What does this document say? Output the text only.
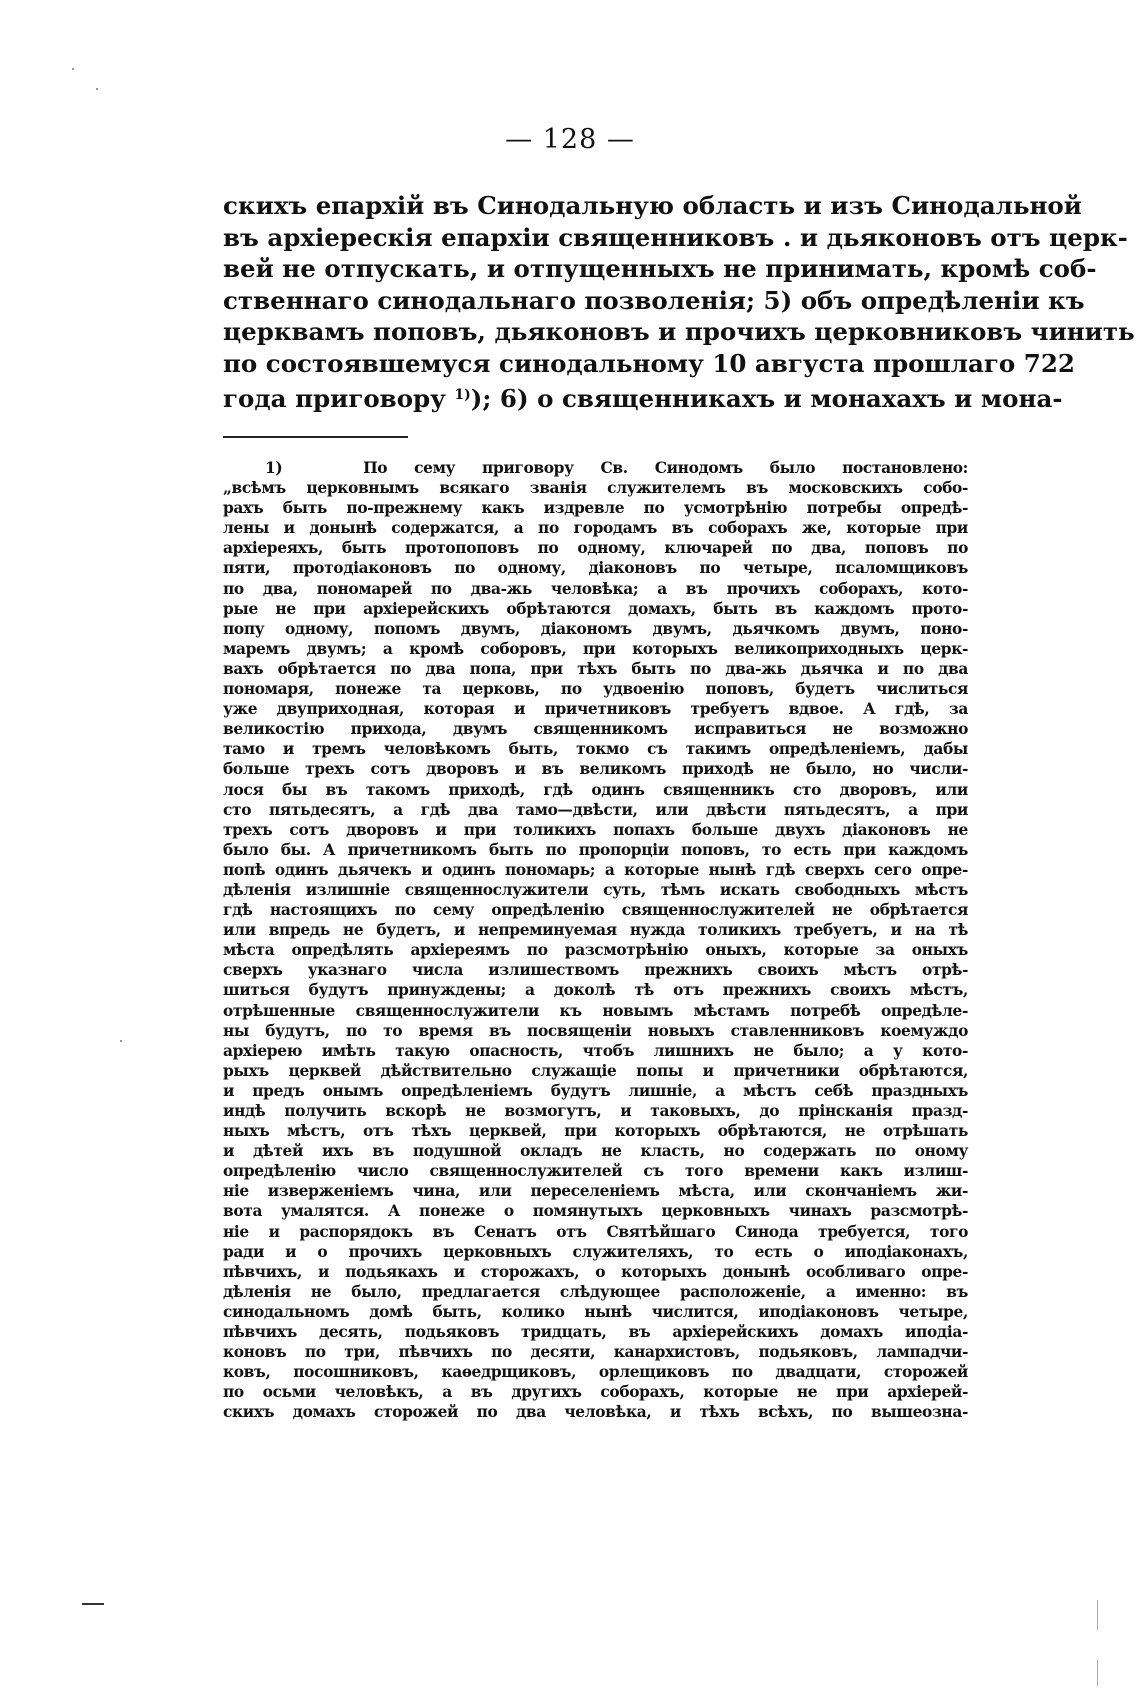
— 128 —
скихъ епархій въ Синодальную область и изъ Синодальной
въ архіерескія епархіи священниковъ . и дьяконовъ отъ церк-
вей не отпускать, и отпущенныхъ не принимать, кромѣ соб-
ственнаго синодальнаго позволенія; 5) объ опредѣленіи къ
церквамъ поповъ, дьяконовъ и прочихъ церковниковъ чинить
по состоявшемуся синодальному 10 августа прошлаго 722
года приговору $^{1)}$); 6) о священникахъ и монахахъ и мона-
1)	По сему приговору Св. Синодомъ было постановлено:
„всѣмъ церковнымъ всякаго званія служителемъ въ московскихъ собо-
рахъ быть по-прежнему какъ издревле по усмотрѣнію потребы опредѣ-
лены и донынѣ содержатся, а по городамъ въ соборахъ же, которые при
архіереяхъ, быть протопоповъ по одному, ключарей по два, поповъ по
пяти, протодіаконовъ по одному, діаконовъ по четыре, псаломщиковъ
по два, пономарей по два-жь человѣка; а въ прочихъ соборахъ, кото-
рые не при архіерейскихъ обрѣтаются домахъ, быть въ каждомъ прото-
попу одному, попомъ двумъ, діакономъ двумъ, дьячкомъ двумъ, поно-
маремъ двумъ; а кромѣ соборовъ, при которыхъ великоприходныхъ церк-
вахъ обрѣтается по два попа, при тѣхъ быть по два-жь дьячка и по два
пономаря, понеже та церковь, по удвоенію поповъ, будетъ числиться
уже двуприходная, которая и причетниковъ требуетъ вдвое. А гдѣ, за
великостію прихода, двумъ священникомъ исправиться не возможно
тамо и тремъ человѣкомъ быть, токмо съ такимъ опредѣленіемъ, дабы
больше трехъ сотъ дворовъ и въ великомъ приходѣ не было, но числи-
лося бы въ такомъ приходѣ, гдѣ одинъ священникъ сто дворовъ, или
сто пятьдесятъ, а гдѣ два тамо—двѣсти, или двѣсти пятьдесятъ, а при
трехъ сотъ дворовъ и при толикихъ попахъ больше двухъ діаконовъ не
было бы. А причетникомъ быть по пропорціи поповъ, то есть при каждомъ
попѣ одинъ дьячекъ и одинъ пономарь; а которые нынѣ гдѣ сверхъ сего опре-
дѣленія излишніе священнослужители суть, тѣмъ искать свободныхъ мѣстъ
гдѣ настоящихъ по сему опредѣленію священнослужителей не обрѣтается
или впредь не будетъ, и непреминуемая нужда толикихъ требуетъ, и на тѣ
мѣста опредѣлять архіереямъ по разсмотрѣнію оныхъ, которые за оныхъ
сверхъ указнаго числа излишествомъ прежнихъ своихъ мѣстъ отрѣ-
шиться будутъ принуждены; а доколѣ тѣ отъ прежнихъ своихъ мѣстъ,
отрѣшенные священнослужители къ новымъ мѣстамъ потребѣ опредѣле-
ны будутъ, по то время въ посвященіи новыхъ ставленниковъ коемуждо
архіерею имѣть такую опасность, чтобъ лишнихъ не было; а у кото-
рыхъ церквей дѣйствительно служащіе попы и причетники обрѣтаются,
и предъ онымъ опредѣленіемъ будутъ лишніе, а мѣстъ себѣ праздныхъ
индѣ получить вскорѣ не возмогутъ, и таковыхъ, до прінсканія празд-
ныхъ мѣстъ, отъ тѣхъ церквей, при которыхъ обрѣтаются, не отрѣшать
и дѣтей ихъ въ подушной окладъ не класть, но содержать по оному
опредѣленію число священнослужителей съ того времени какъ излиш-
ніе изверженіемъ чина, или переселеніемъ мѣста, или скончаніемъ жи-
вота умалятся. А понеже о помянутыхъ церковныхъ чинахъ разсмотрѣ-
ніе и распорядокъ въ Сенатъ отъ Святѣйшаго Синода требуется, того
ради и о прочихъ церковныхъ служителяхъ, то есть о иподіаконахъ,
пѣвчихъ, и подьякахъ и сторожахъ, о которыхъ донынѣ особливаго опре-
дѣленія не было, предлагается слѣдующее расположеніе, а именно: въ
синодальномъ домѣ быть, колико нынѣ числится, иподіаконовъ четыре,
пѣвчихъ десять, подьяковъ тридцать, въ архіерейскихъ домахъ иподіа-
коновъ по три, пѣвчихъ по десяти, канархистовъ, подьяковъ, лампадчи-
ковъ, посошниковъ, каѳедрщиковъ, орлещиковъ по двадцати, сторожей
по осьми человѣкъ, а въ другихъ соборахъ, которые не при архіерей-
скихъ домахъ сторожей по два человѣка, и тѣхъ всѣхъ, по вышеозна-
